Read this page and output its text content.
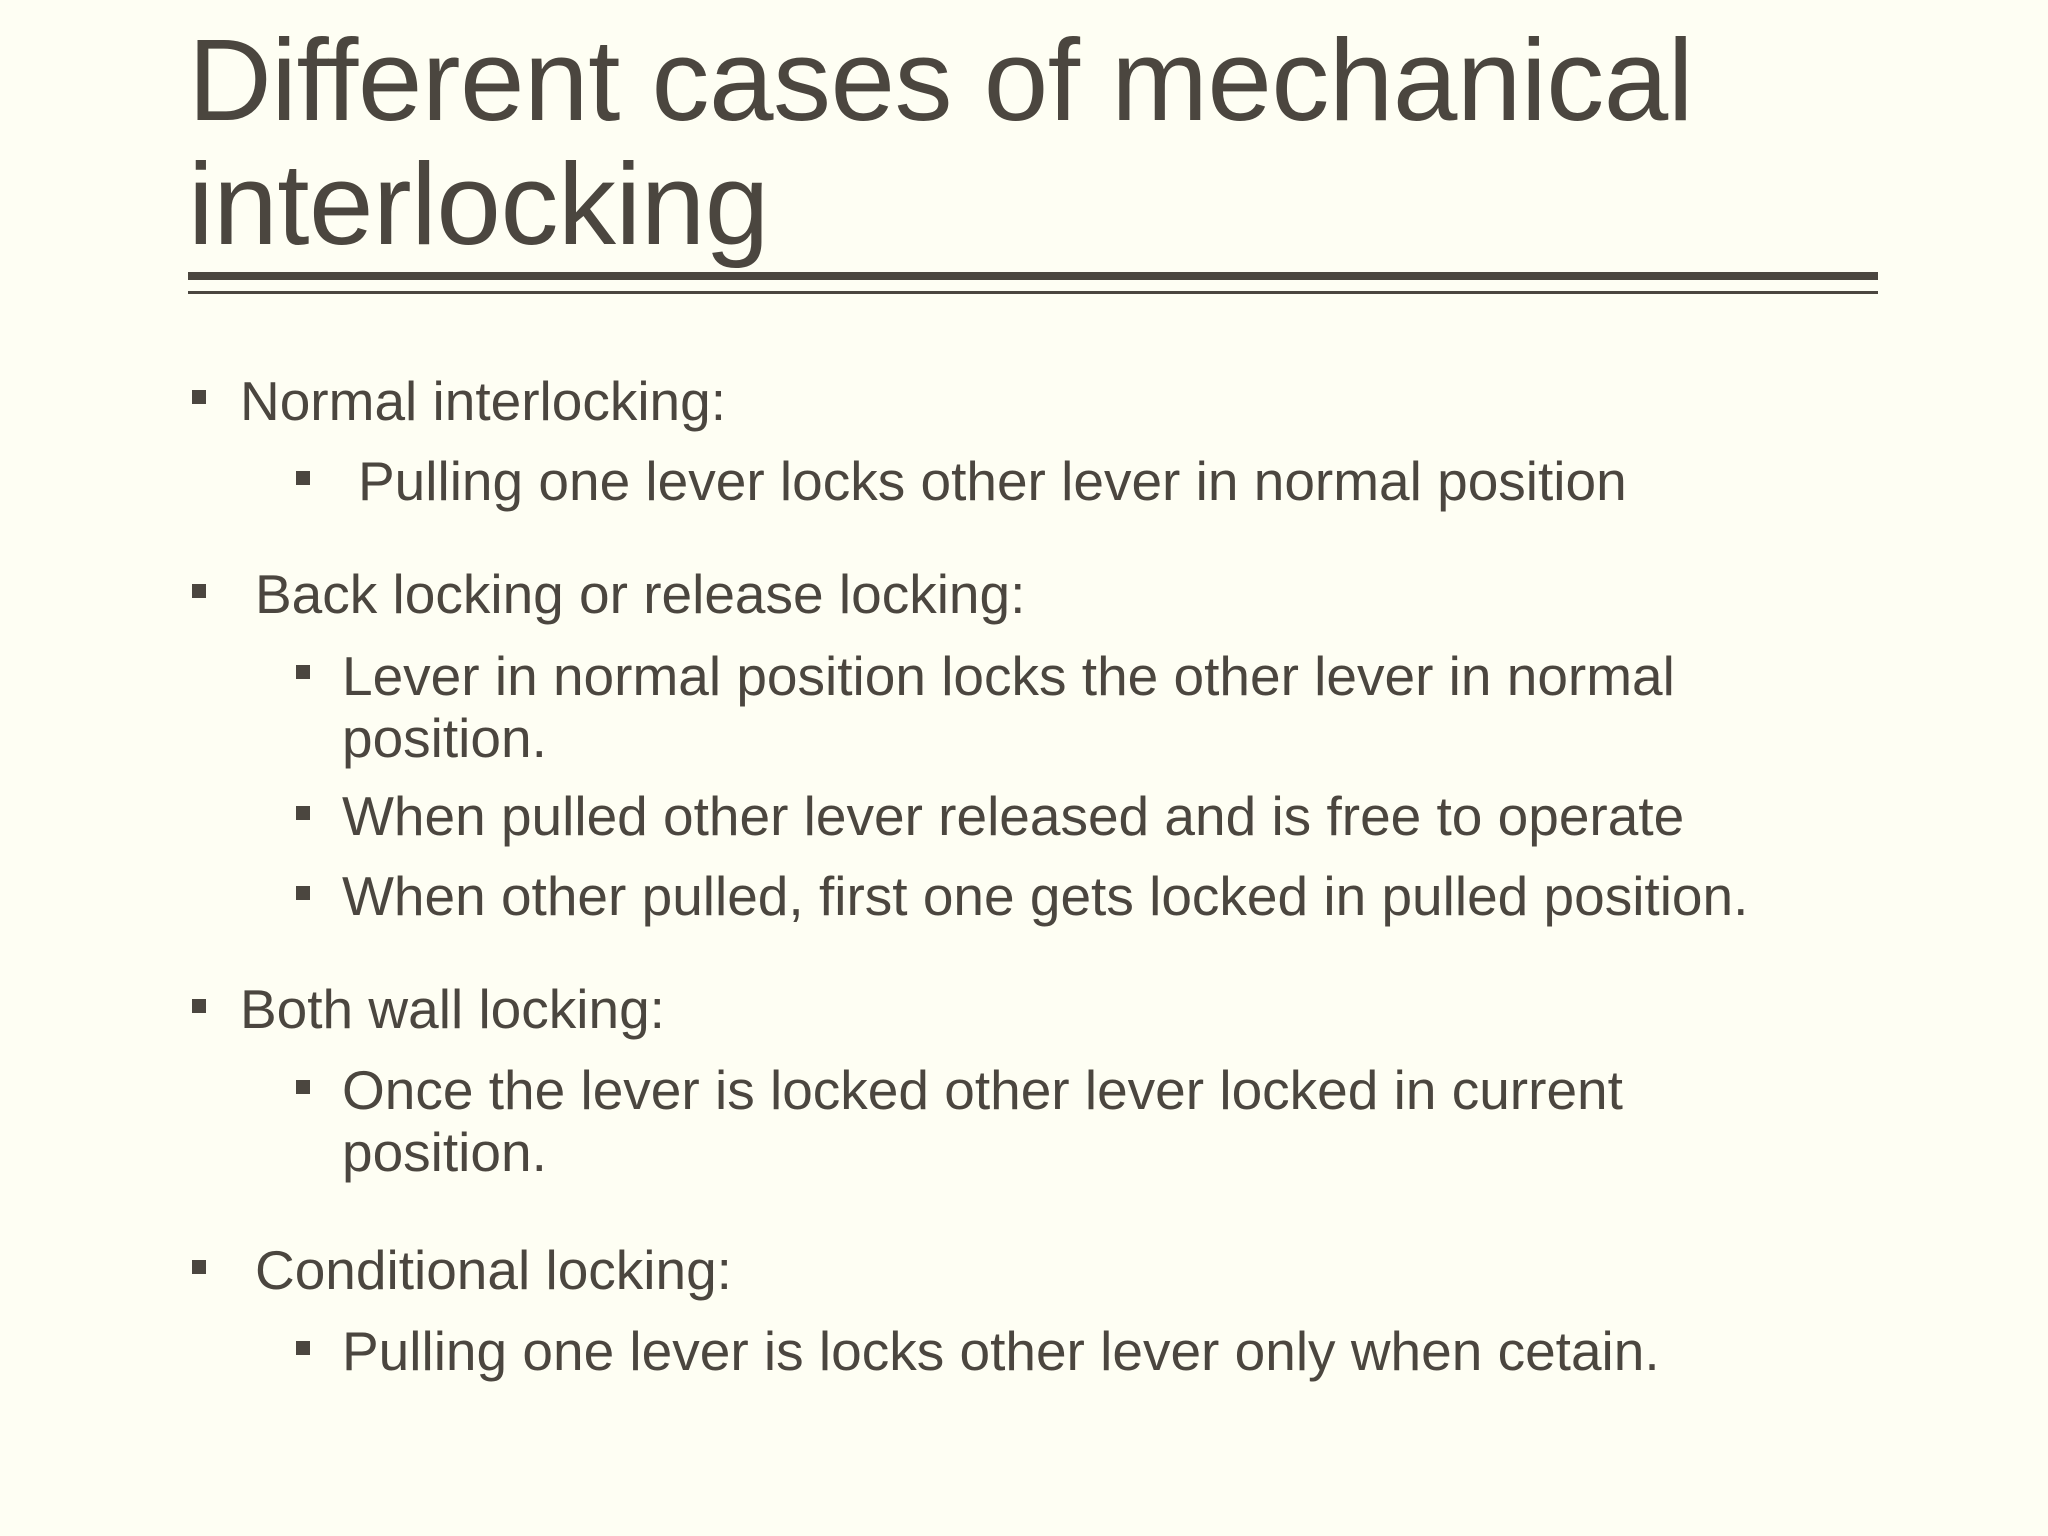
Different cases of mechanical interlocking
Normal interlocking:
Pulling one lever locks other lever in normal position
Back locking or release locking:
Lever in normal position locks the other lever in normal
position.
When pulled other lever released and is free to operate
When other pulled, first one gets locked in pulled position.
Both wall locking:
Once the lever is locked other lever locked in current
position.
Conditional locking:
Pulling one lever is locks other lever only when cetain.
